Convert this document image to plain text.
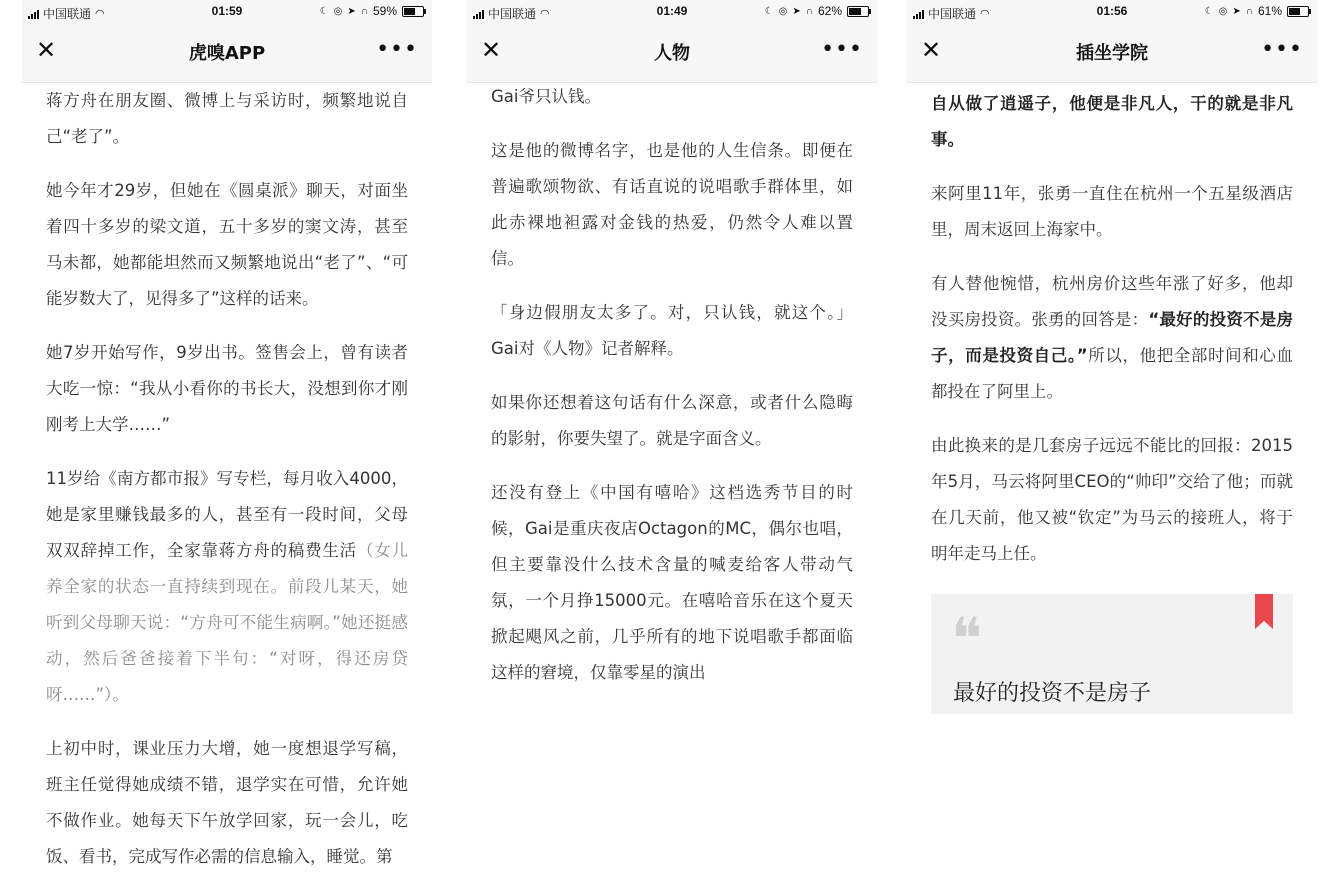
中国联通 ◠	01:59	☾ ◎ ➤ ∩ 59%
✕	虎嗅APP	•••

蒋方舟在朋友圈、微博上与采访时，频繁地说自己“老了”。

她今年才29岁，但她在《圆桌派》聊天，对面坐着四十多岁的梁文道，五十多岁的窦文涛，甚至马未都，她都能坦然而又频繁地说出“老了”、“可能岁数大了，见得多了”这样的话来。

她7岁开始写作，9岁出书。签售会上，曾有读者大吃一惊：“我从小看你的书长大，没想到你才刚刚考上大学……”

11岁给《南方都市报》写专栏，每月收入4000，她是家里赚钱最多的人，甚至有一段时间，父母双双辞掉工作，全家靠蒋方舟的稿费生活（女儿养全家的状态一直持续到现在。前段儿某天，她听到父母聊天说：“方舟可不能生病啊。”她还挺感动，然后爸爸接着下半句：“对呀，得还房贷呀……”）。

上初中时，课业压力大增，她一度想退学写稿，班主任觉得她成绩不错，退学实在可惜，允许她不做作业。她每天下午放学回家，玩一会儿，吃饭、看书，完成写作必需的信息输入，睡觉。第

中国联通 ◠	01:49	☾ ◎ ➤ ∩ 62%
✕	人物	•••

Gai爷只认钱。

这是他的微博名字，也是他的人生信条。即便在普遍歌颂物欲、有话直说的说唱歌手群体里，如此赤裸地袒露对金钱的热爱，仍然令人难以置信。

「身边假朋友太多了。对，只认钱，就这个。」Gai对《人物》记者解释。

如果你还想着这句话有什么深意，或者什么隐晦的影射，你要失望了。就是字面含义。

还没有登上《中国有嘻哈》这档选秀节目的时候，Gai是重庆夜店Octagon的MC，偶尔也唱，但主要靠没什么技术含量的喊麦给客人带动气氛，一个月挣15000元。在嘻哈音乐在这个夏天掀起飓风之前，几乎所有的地下说唱歌手都面临这样的窘境，仅靠零星的演出

中国联通 ◠	01:56	☾ ◎ ➤ ∩ 61%
✕	插坐学院	•••

自从做了逍遥子，他便是非凡人，干的就是非凡事。

来阿里11年，张勇一直住在杭州一个五星级酒店里，周末返回上海家中。

有人替他惋惜，杭州房价这些年涨了好多，他却没买房投资。张勇的回答是：“最好的投资不是房子，而是投资自己。”所以，他把全部时间和心血都投在了阿里上。

由此换来的是几套房子远远不能比的回报：2015年5月，马云将阿里CEO的“帅印”交给了他；而就在几天前，他又被“钦定”为马云的接班人，将于明年走马上任。

❝
最好的投资不是房子
